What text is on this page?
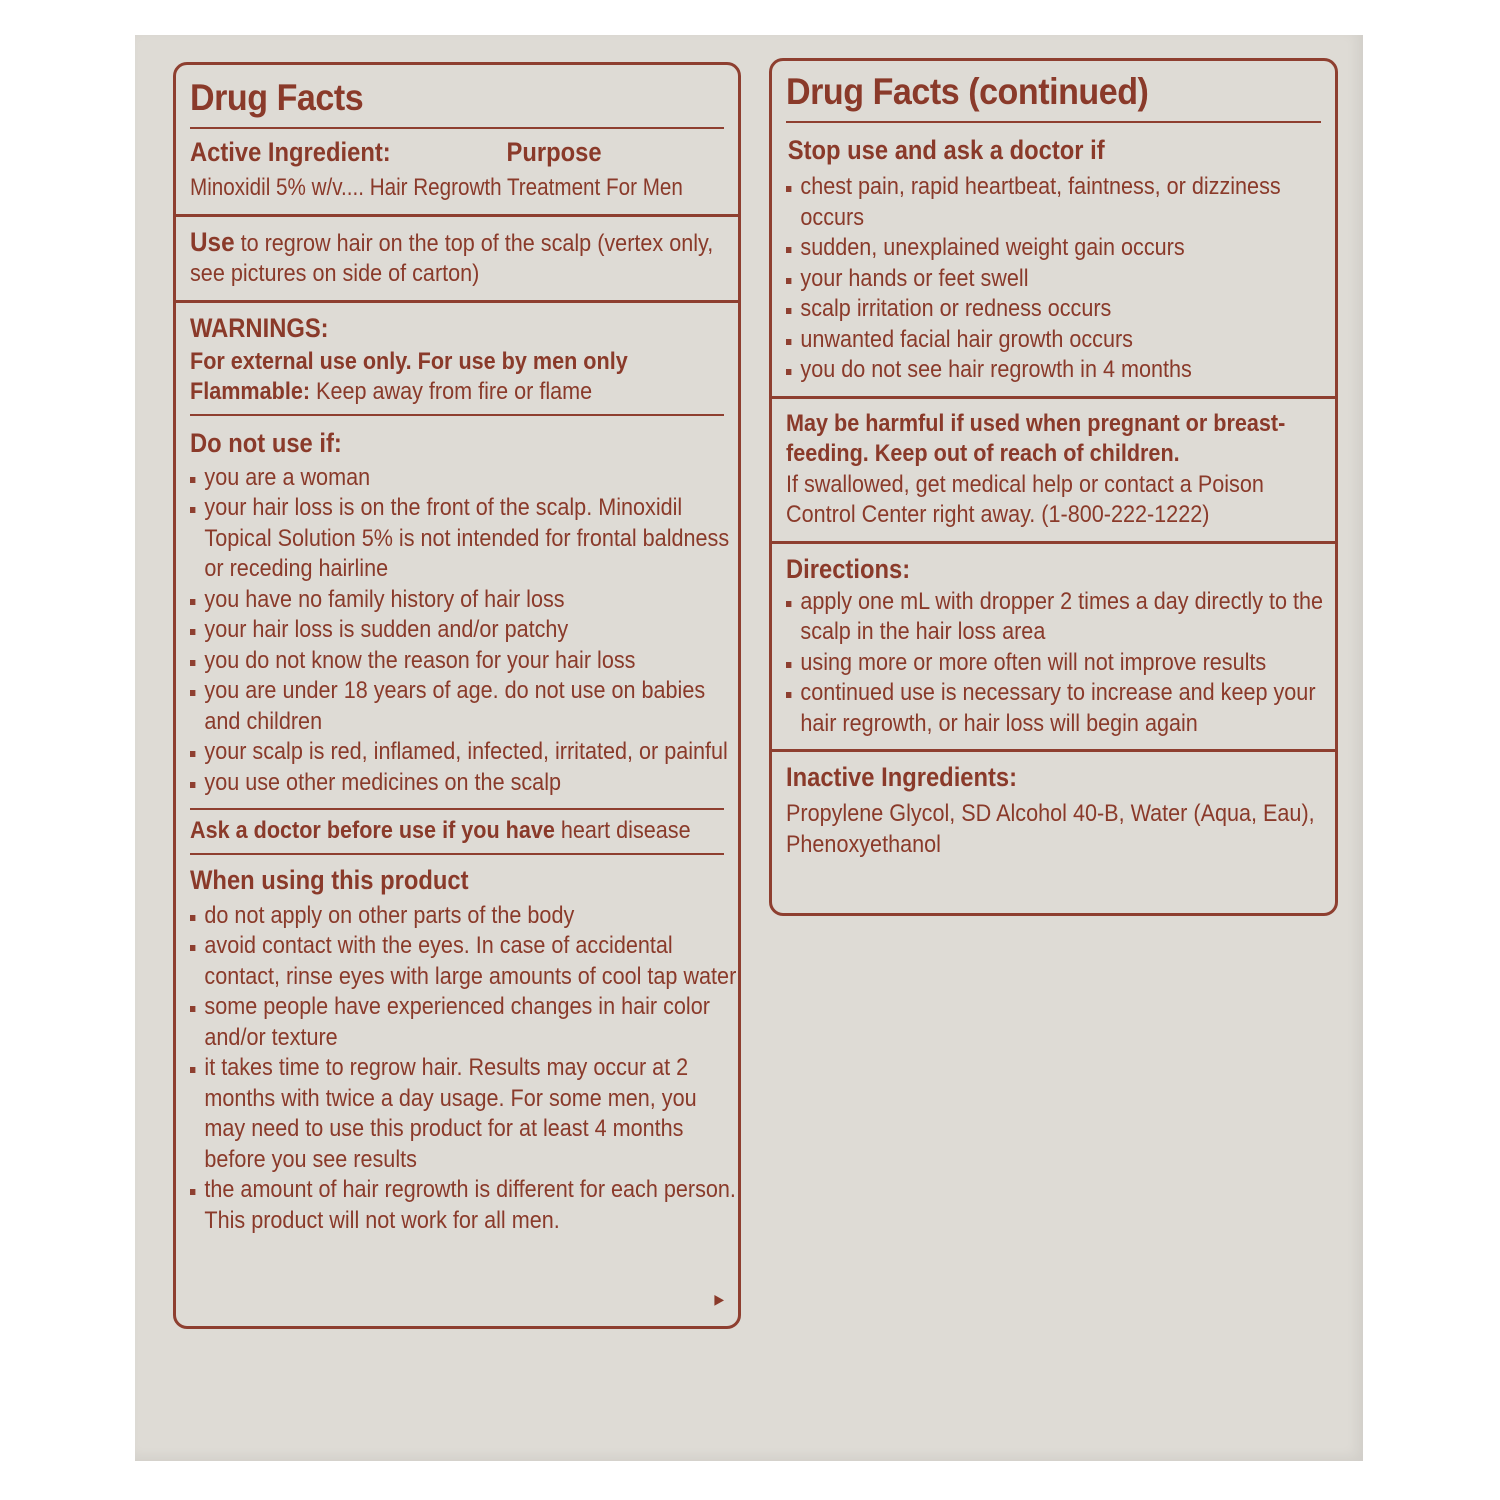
Drug Facts
Active Ingredient:	Purpose
Minoxidil 5% w/v.... Hair Regrowth Treatment For Men
Use to regrow hair on the top of the scalp (vertex only, see pictures on side of carton)
WARNINGS:
For external use only. For use by men only
Flammable: Keep away from fire or flame
Do not use if:
you are a woman
your hair loss is on the front of the scalp. Minoxidil Topical Solution 5% is not intended for frontal baldness or receding hairline
you have no family history of hair loss
your hair loss is sudden and/or patchy
you do not know the reason for your hair loss
you are under 18 years of age. do not use on babies and children
your scalp is red, inflamed, infected, irritated, or painful
you use other medicines on the scalp
Ask a doctor before use if you have heart disease
When using this product
do not apply on other parts of the body
avoid contact with the eyes. In case of accidental contact, rinse eyes with large amounts of cool tap water
some people have experienced changes in hair color and/or texture
it takes time to regrow hair. Results may occur at 2 months with twice a day usage. For some men, you may need to use this product for at least 4 months before you see results
the amount of hair regrowth is different for each person. This product will not work for all men.
▶
Drug Facts (continued)
Stop use and ask a doctor if
chest pain, rapid heartbeat, faintness, or dizziness occurs
sudden, unexplained weight gain occurs
your hands or feet swell
scalp irritation or redness occurs
unwanted facial hair growth occurs
you do not see hair regrowth in 4 months
May be harmful if used when pregnant or breast-feeding. Keep out of reach of children.
If swallowed, get medical help or contact a Poison Control Center right away. (1-800-222-1222)
Directions:
apply one mL with dropper 2 times a day directly to the scalp in the hair loss area
using more or more often will not improve results
continued use is necessary to increase and keep your hair regrowth, or hair loss will begin again
Inactive Ingredients:
Propylene Glycol, SD Alcohol 40-B, Water (Aqua, Eau), Phenoxyethanol
